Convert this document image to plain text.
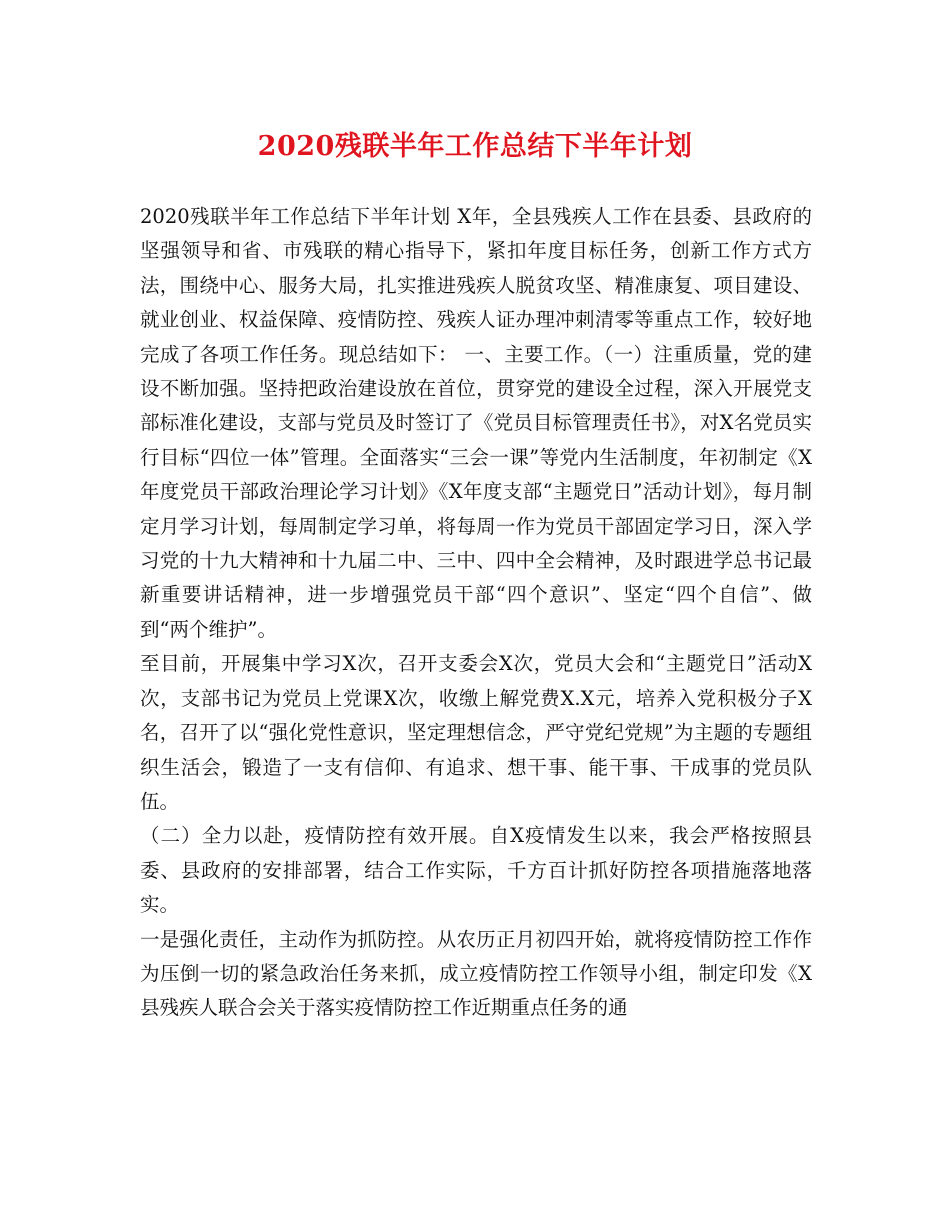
2020残联半年工作总结下半年计划

2020残联半年工作总结下半年计划 X年，全县残疾人工作在县委、县政府的坚强领导和省、市残联的精心指导下，紧扣年度目标任务，创新工作方式方法，围绕中心、服务大局，扎实推进残疾人脱贫攻坚、精准康复、项目建设、就业创业、权益保障、疫情防控、残疾人证办理冲刺清零等重点工作，较好地完成了各项工作任务。现总结如下： 一、主要工作。（一）注重质量，党的建设不断加强。坚持把政治建设放在首位，贯穿党的建设全过程，深入开展党支部标准化建设，支部与党员及时签订了《党员目标管理责任书》，对X名党员实行目标“四位一体”管理。全面落实“三会一课”等党内生活制度，年初制定《X年度党员干部政治理论学习计划》《X年度支部“主题党日”活动计划》，每月制定月学习计划，每周制定学习单，将每周一作为党员干部固定学习日，深入学习党的十九大精神和十九届二中、三中、四中全会精神，及时跟进学总书记最新重要讲话精神，进一步增强党员干部“四个意识”、坚定“四个自信”、做到“两个维护”。

至目前，开展集中学习X次，召开支委会X次，党员大会和“主题党日”活动X次，支部书记为党员上党课X次，收缴上解党费X.X元，培养入党积极分子X名，召开了以“强化党性意识，坚定理想信念，严守党纪党规”为主题的专题组织生活会，锻造了一支有信仰、有追求、想干事、能干事、干成事的党员队伍。

（二）全力以赴，疫情防控有效开展。自X疫情发生以来，我会严格按照县委、县政府的安排部署，结合工作实际，千方百计抓好防控各项措施落地落实。

一是强化责任，主动作为抓防控。从农历正月初四开始，就将疫情防控工作作为压倒一切的紧急政治任务来抓，成立疫情防控工作领导小组，制定印发《X县残疾人联合会关于落实疫情防控工作近期重点任务的通
